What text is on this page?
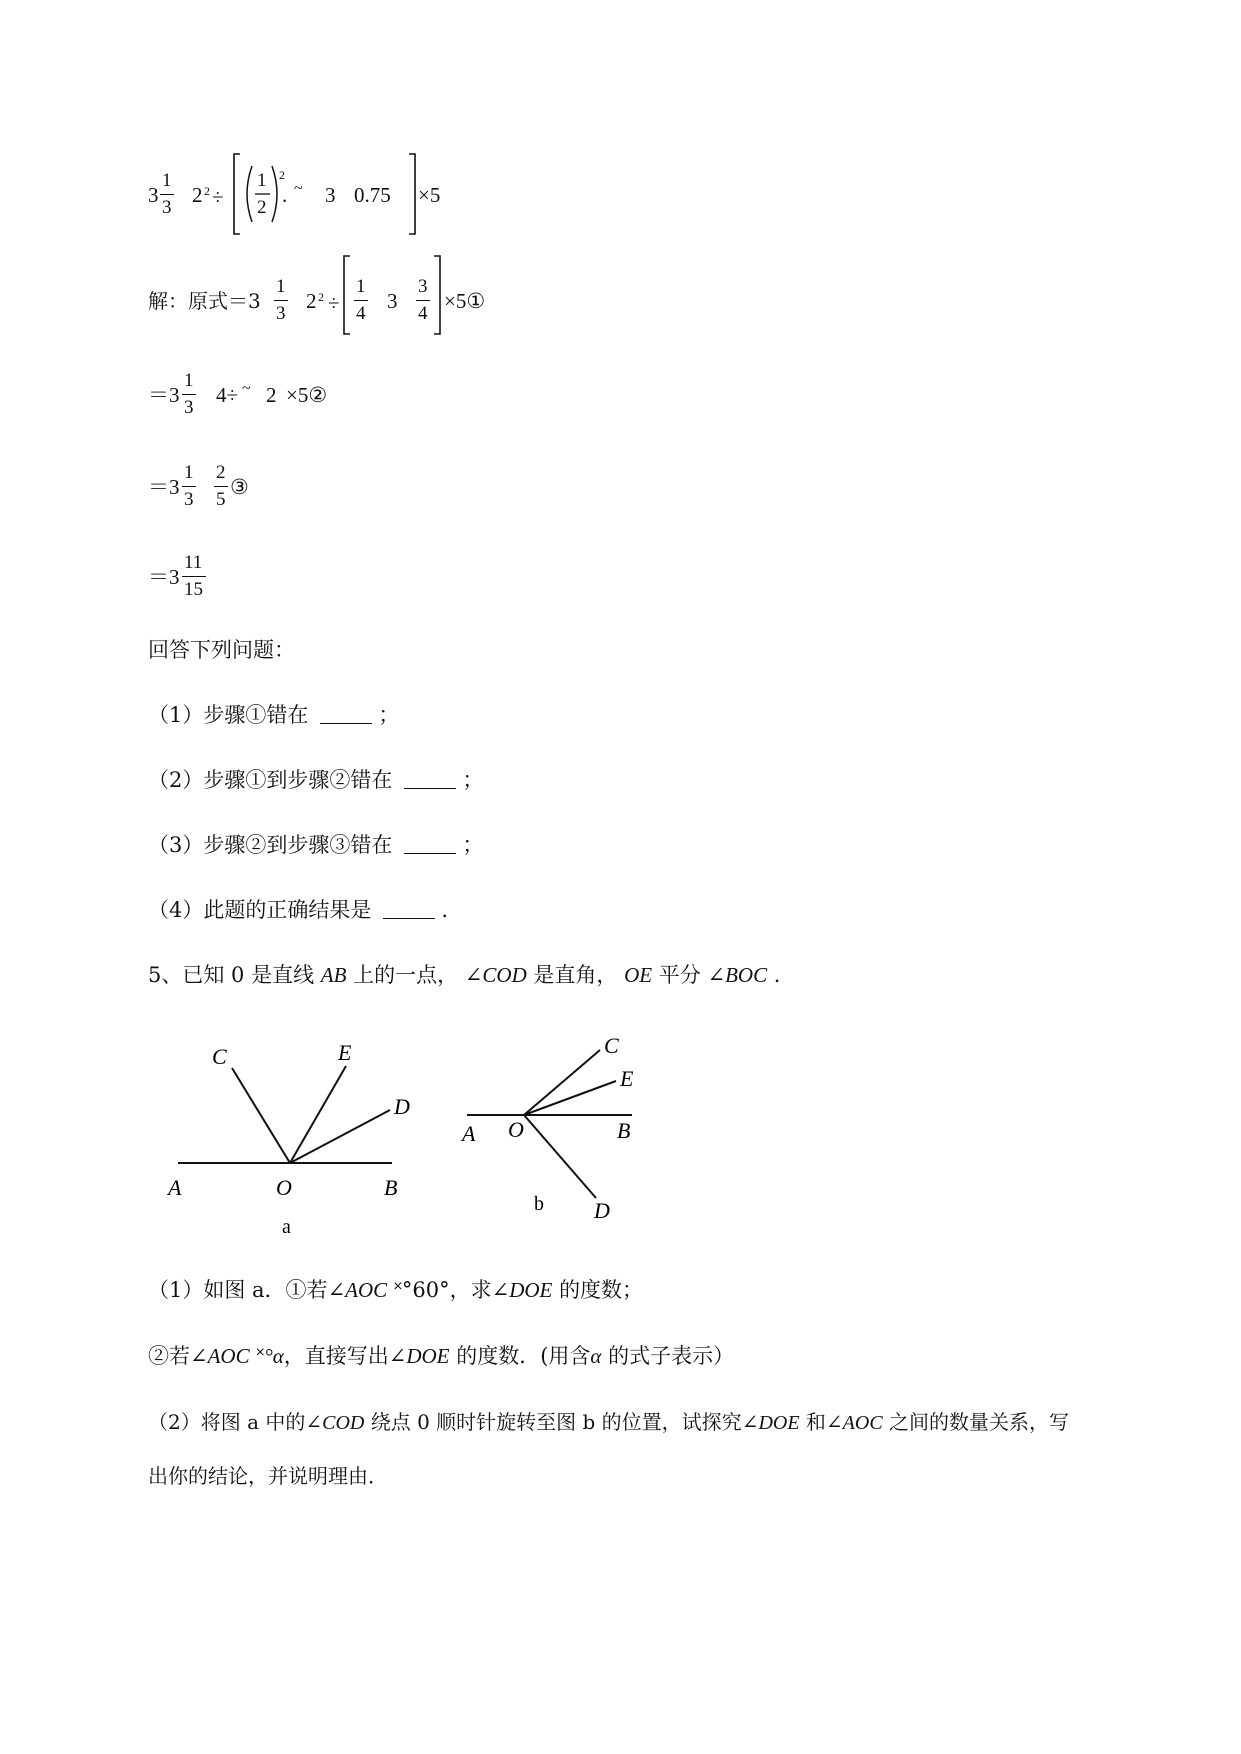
3
1
3
2 2 ÷
1
2
2
~
. 3 0.75 ×5
解：原式＝3
1
3
2 2 ÷
1
4
3
3
4
×5①
＝3
1
3
4÷ ~ 2 ×5②
＝3
1
3
2
5
③
＝3
11
15
回答下列问题：
（1）步骤①错在	；
（2）步骤①到步骤②错在	；
（3）步骤②到步骤③错在	；
（4）此题的正确结果是	.
5、已知 0 是直线 AB 上的一点， ∠COD 是直角， OE 平分 ∠BOC .
C	E
D
A	O	B
a
C
E
A O	B
D
b
（1）如图 a．①若∠AOC ˟°60°，求∠DOE 的度数；
②若∠AOC ˟°α，直接写出∠DOE 的度数．(用含α 的式子表示）
（2）将图 a 中的∠COD 绕点 0 顺时针旋转至图 b 的位置，试探究∠DOE 和∠AOC 之间的数量关系，写
出你的结论，并说明理由．
